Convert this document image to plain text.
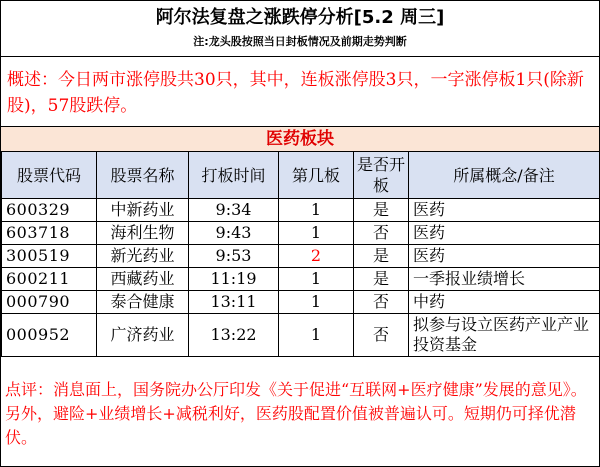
阿尔法复盘之涨跌停分析[5.2 周三]
注:龙头股按照当日封板情况及前期走势判断
概述：今日两市涨停股共30只，其中，连板涨停股3只，一字涨停板1只(除新股)，57股跌停。
医药板块
股票代码	股票名称	打板时间	第几板	是否开板	所属概念/备注
600329	中新药业	9:34	1	是	医药
603718	海利生物	9:43	1	否	医药
300519	新光药业	9:53	2	是	医药
600211	西藏药业	11:19	1	是	一季报业绩增长
000790	泰合健康	13:11	1	否	中药
000952	广济药业	13:22	1	否	拟参与设立医药产业产业投资基金
点评：消息面上，国务院办公厅印发《关于促进“互联网+医疗健康”发展的意见》。另外，避险+业绩增长+减税利好，医药股配置价值被普遍认可。短期仍可择优潜伏。
